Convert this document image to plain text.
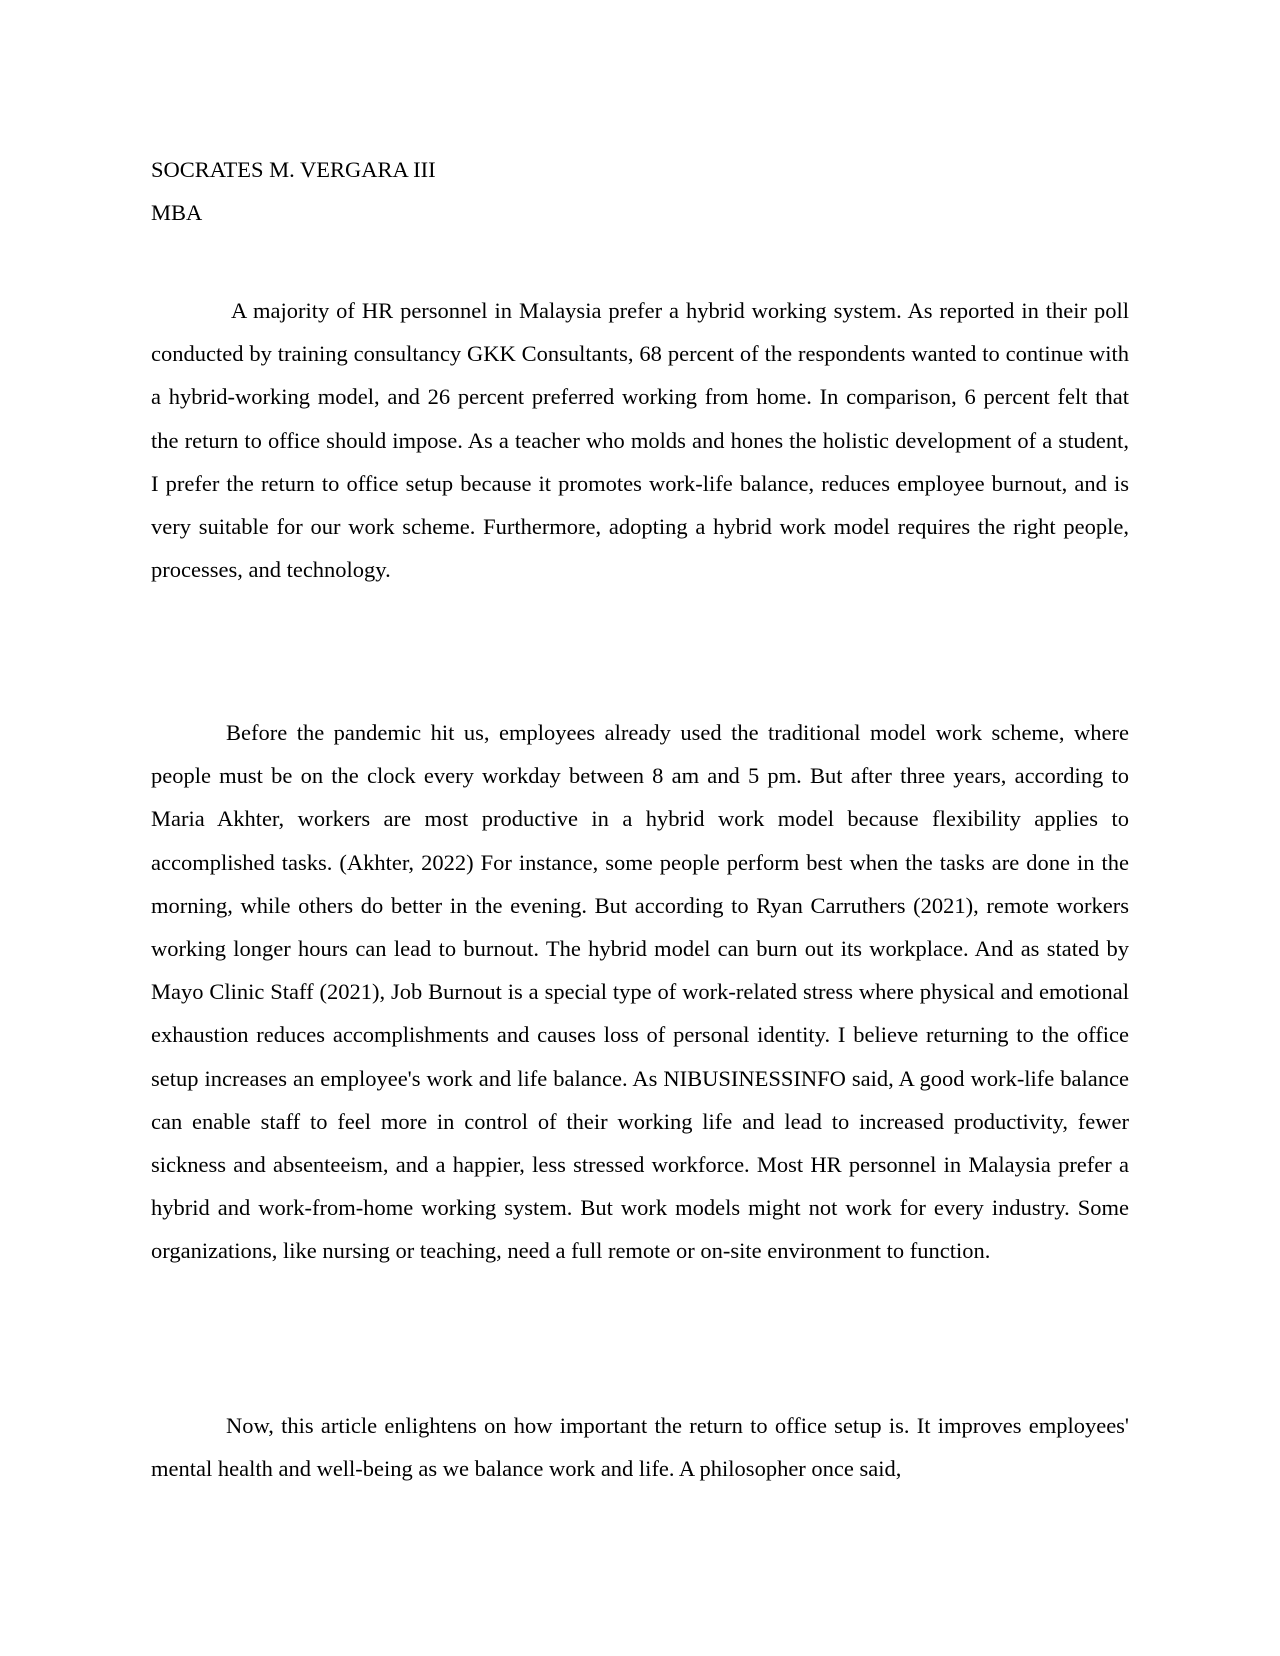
SOCRATES M. VERGARA III
MBA

A majority of HR personnel in Malaysia prefer a hybrid working system. As reported in their poll conducted by training consultancy GKK Consultants, 68 percent of the respondents wanted to continue with a hybrid-working model, and 26 percent preferred working from home. In comparison, 6 percent felt that the return to office should impose. As a teacher who molds and hones the holistic development of a student, I prefer the return to office setup because it promotes work-life balance, reduces employee burnout, and is very suitable for our work scheme. Furthermore, adopting a hybrid work model requires the right people, processes, and technology.

Before the pandemic hit us, employees already used the traditional model work scheme, where people must be on the clock every workday between 8 am and 5 pm. But after three years, according to Maria Akhter, workers are most productive in a hybrid work model because flexibility applies to accomplished tasks. (Akhter, 2022) For instance, some people perform best when the tasks are done in the morning, while others do better in the evening. But according to Ryan Carruthers (2021), remote workers working longer hours can lead to burnout. The hybrid model can burn out its workplace. And as stated by Mayo Clinic Staff (2021), Job Burnout is a special type of work-related stress where physical and emotional exhaustion reduces accomplishments and causes loss of personal identity. I believe returning to the office setup increases an employee's work and life balance. As NIBUSINESSINFO said, A good work-life balance can enable staff to feel more in control of their working life and lead to increased productivity, fewer sickness and absenteeism, and a happier, less stressed workforce. Most HR personnel in Malaysia prefer a hybrid and work-from-home working system. But work models might not work for every industry. Some organizations, like nursing or teaching, need a full remote or on-site environment to function.

Now, this article enlightens on how important the return to office setup is. It improves employees' mental health and well-being as we balance work and life. A philosopher once said,
